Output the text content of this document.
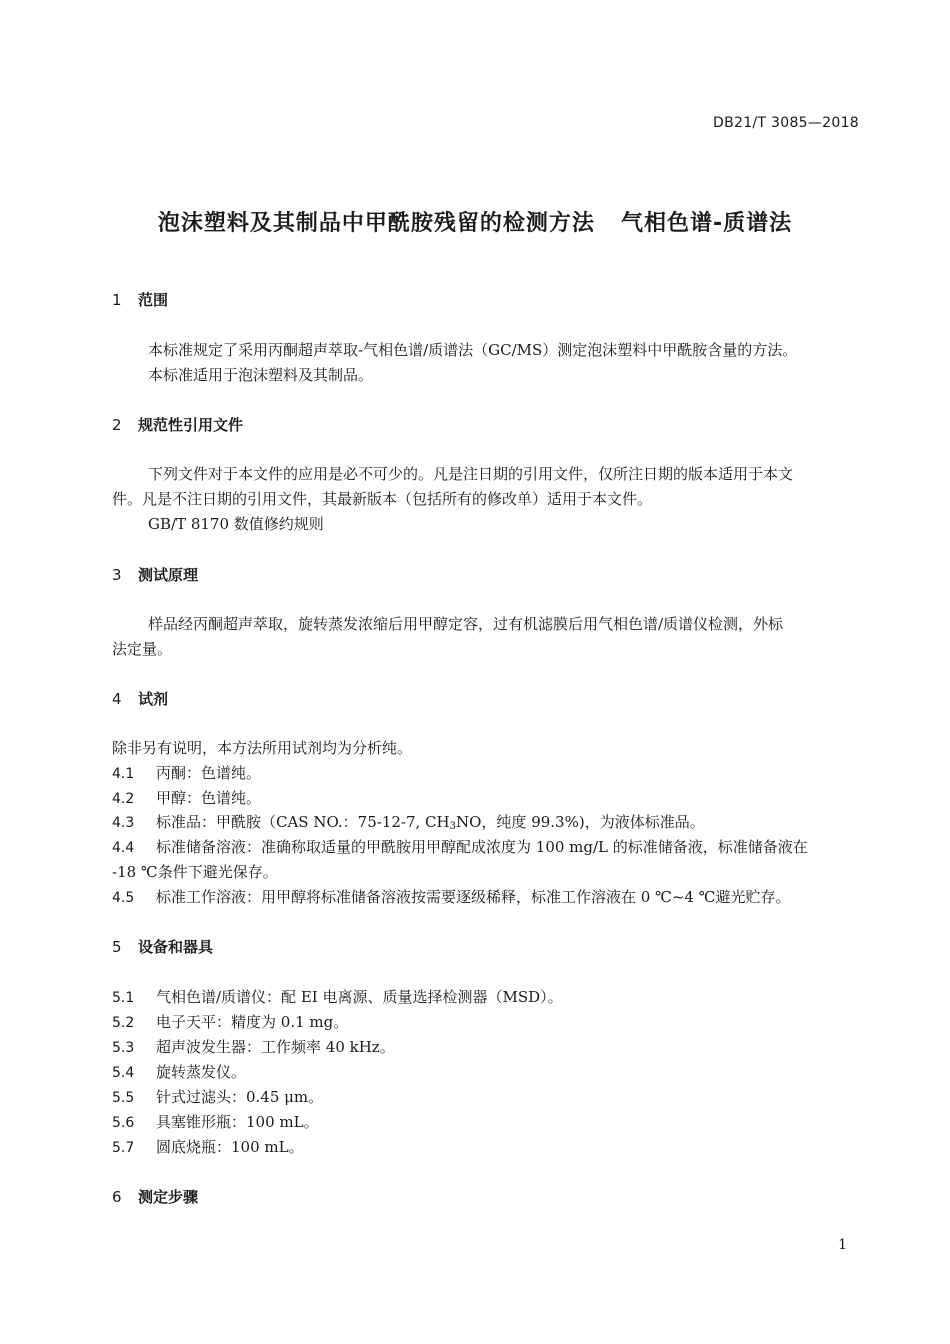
DB21/T 3085—2018
泡沫塑料及其制品中甲酰胺残留的检测方法 气相色谱-质谱法
1 范围
本标准规定了采用丙酮超声萃取-气相色谱/质谱法（GC/MS）测定泡沫塑料中甲酰胺含量的方法。
本标准适用于泡沫塑料及其制品。
2 规范性引用文件
下列文件对于本文件的应用是必不可少的。凡是注日期的引用文件，仅所注日期的版本适用于本文
件。凡是不注日期的引用文件，其最新版本（包括所有的修改单）适用于本文件。
GB/T 8170 数值修约规则
3 测试原理
样品经丙酮超声萃取，旋转蒸发浓缩后用甲醇定容，过有机滤膜后用气相色谱/质谱仪检测，外标
法定量。
4 试剂
除非另有说明，本方法所用试剂均为分析纯。
4.1 丙酮：色谱纯。
4.2 甲醇：色谱纯。
4.3 标准品：甲酰胺（CAS NO.：75-12-7, $CH_3NO$，纯度 99.3%)，为液体标准品。
4.4 标准储备溶液：准确称取适量的甲酰胺用甲醇配成浓度为 100 mg/L 的标准储备液，标准储备液在
-18 ℃条件下避光保存。
4.5 标准工作溶液：用甲醇将标准储备溶液按需要逐级稀释，标准工作溶液在 0 ℃~4 ℃避光贮存。
5 设备和器具
5.1 气相色谱/质谱仪：配 EI 电离源、质量选择检测器（MSD）。
5.2 电子天平：精度为 0.1 mg。
5.3 超声波发生器：工作频率 40 kHz。
5.4 旋转蒸发仪。
5.5 针式过滤头：0.45 μm。
5.6 具塞锥形瓶：100 mL。
5.7 圆底烧瓶：100 mL。
6 测定步骤
1
